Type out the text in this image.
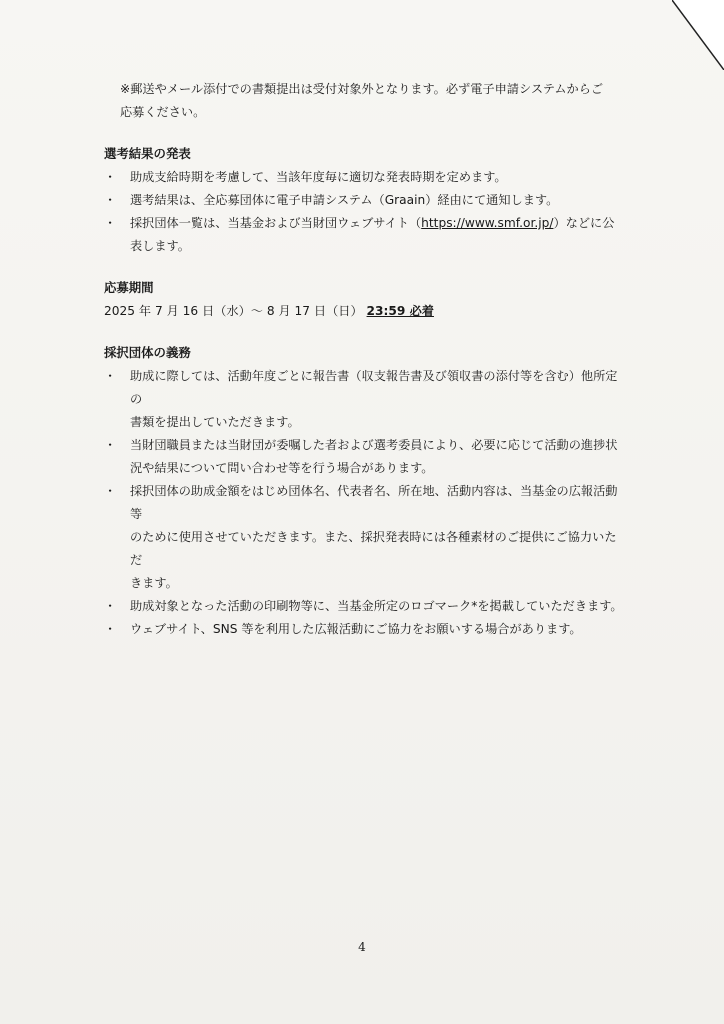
※郵送やメール添付での書類提出は受付対象外となります。必ず電子申請システムからご
応募ください。
選考結果の発表
・ 助成支給時期を考慮して、当該年度毎に適切な発表時期を定めます。
・ 選考結果は、全応募団体に電子申請システム（Graain）経由にて通知します。
・ 採択団体一覧は、当基金および当財団ウェブサイト（https://www.smf.or.jp/）などに公
表します。
応募期間
2025 年 7 月 16 日（水）～ 8 月 17 日（日） 23:59 必着
採択団体の義務
・ 助成に際しては、活動年度ごとに報告書（収支報告書及び領収書の添付等を含む）他所定の
書類を提出していただきます。
・ 当財団職員または当財団が委嘱した者および選考委員により、必要に応じて活動の進捗状
況や結果について問い合わせ等を行う場合があります。
・ 採択団体の助成金額をはじめ団体名、代表者名、所在地、活動内容は、当基金の広報活動等
のために使用させていただきます。また、採択発表時には各種素材のご提供にご協力いただ
きます。
・ 助成対象となった活動の印刷物等に、当基金所定のロゴマーク*を掲載していただきます。
・ ウェブサイト、SNS 等を利用した広報活動にご協力をお願いする場合があります。
4
